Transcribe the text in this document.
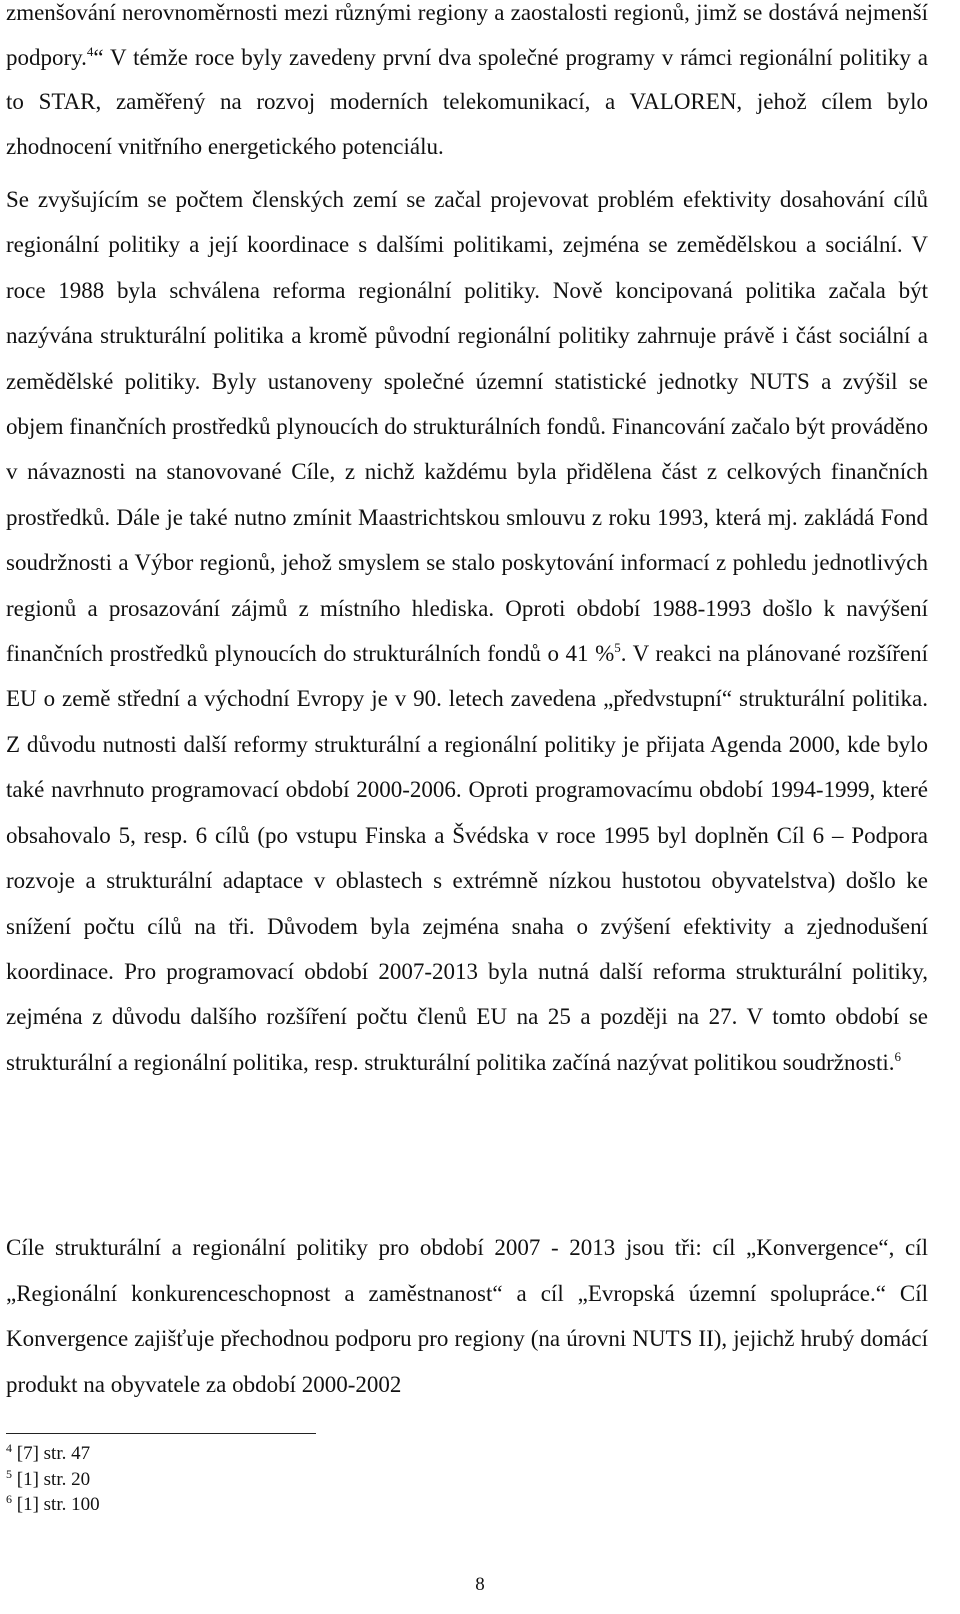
zmenšování nerovnoměrnosti mezi různými regiony a zaostalosti regionů, jimž se dostává nejmenší podpory.$^4$“ V témže roce byly zavedeny první dva společné programy v rámci regionální politiky a to STAR, zaměřený na rozvoj moderních telekomunikací, a VALOREN, jehož cílem bylo zhodnocení vnitřního energetického potenciálu.

Se zvyšujícím se počtem členských zemí se začal projevovat problém efektivity dosahování cílů regionální politiky a její koordinace s dalšími politikami, zejména se zemědělskou a sociální. V roce 1988 byla schválena reforma regionální politiky. Nově koncipovaná politika začala být nazývána strukturální politika a kromě původní regionální politiky zahrnuje právě i část sociální a zemědělské politiky. Byly ustanoveny společné územní statistické jednotky NUTS a zvýšil se objem finančních prostředků plynoucích do strukturálních fondů. Financování začalo být prováděno v návaznosti na stanovované Cíle, z nichž každému byla přidělena část z celkových finančních prostředků. Dále je také nutno zmínit Maastrichtskou smlouvu z roku 1993, která mj. zakládá Fond soudržnosti a Výbor regionů, jehož smyslem se stalo poskytování informací z pohledu jednotlivých regionů a prosazování zájmů z místního hlediska. Oproti období 1988-1993 došlo k navýšení finančních prostředků plynoucích do strukturálních fondů o 41 %$^5$. V reakci na plánované rozšíření EU o země střední a východní Evropy je v 90. letech zavedena „předvstupní“ strukturální politika. Z důvodu nutnosti další reformy strukturální a regionální politiky je přijata Agenda 2000, kde bylo také navrhnuto programovací období 2000-2006. Oproti programovacímu období 1994-1999, které obsahovalo 5, resp. 6 cílů (po vstupu Finska a Švédska v roce 1995 byl doplněn Cíl 6 – Podpora rozvoje a strukturální adaptace v oblastech s extrémně nízkou hustotou obyvatelstva) došlo ke snížení počtu cílů na tři. Důvodem byla zejména snaha o zvýšení efektivity a zjednodušení koordinace. Pro programovací období 2007-2013 byla nutná další reforma strukturální politiky, zejména z důvodu dalšího rozšíření počtu členů EU na 25 a později na 27. V tomto období se strukturální a regionální politika, resp. strukturální politika začíná nazývat politikou soudržnosti.$^6$

Cíle strukturální a regionální politiky pro období 2007 - 2013 jsou tři: cíl „Konvergence“, cíl „Regionální konkurenceschopnost a zaměstnanost“ a cíl „Evropská územní spolupráce.“ Cíl Konvergence zajišťuje přechodnou podporu pro regiony (na úrovni NUTS II), jejichž hrubý domácí produkt na obyvatele za období 2000-2002

$^4$ [7] str. 47
$^5$ [1] str. 20
$^6$ [1] str. 100
8
